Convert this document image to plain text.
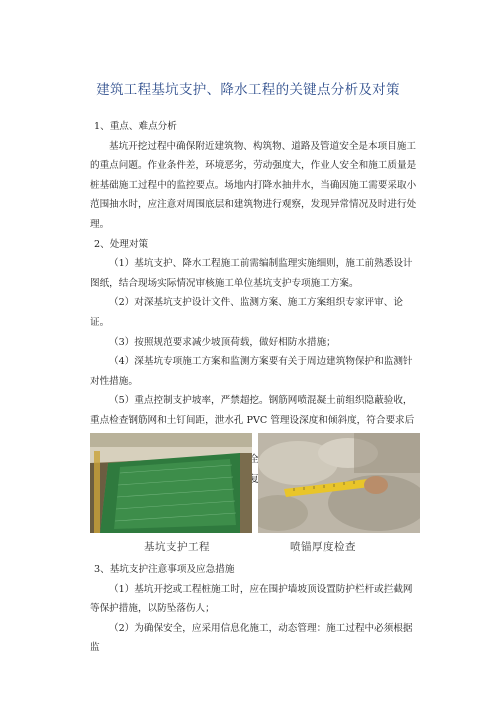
建筑工程基坑支护、降水工程的关键点分析及对策

1、重点、难点分析

基坑开挖过程中确保附近建筑物、构筑物、道路及管道安全是本项目施工的重点问题。作业条件差，环境恶劣，劳动强度大，作业人安全和施工质量是桩基础施工过程中的监控要点。场地内打降水抽井水，当确因施工需要采取小范围抽水时，应注意对周围底层和建筑物进行观察，发现异常情况及时进行处理。

2、处理对策

（1）基坑支护、降水工程施工前需编制监理实施细则，施工前熟悉设计图纸，结合现场实际情况审核施工单位基坑支护专项施工方案。

（2）对深基坑支护设计文件、监测方案、施工方案组织专家评审、论证。

（3）按照规范要求减少坡顶荷载，做好相防水措施；

（4）深基坑专项施工方案和监测方案要有关于周边建筑物保护和监测针对性措施。

（5）重点控制支护坡率，严禁超挖。钢筋网喷混凝土前组织隐蔽验收，重点检查钢筋网和土钉间距，泄水孔 PVC 管理设深度和倾斜度，符合要求后

基坑支护工程	喷锚厚度检查

3、基坑支护注意事项及应急措施

（1）基坑开挖或工程桩施工时，应在围护墙坡顶设置防护栏杆或拦截网等保护措施，以防坠落伤人；

（2）为确保安全，应采用信息化施工，动态管理：施工过程中必须根据监
